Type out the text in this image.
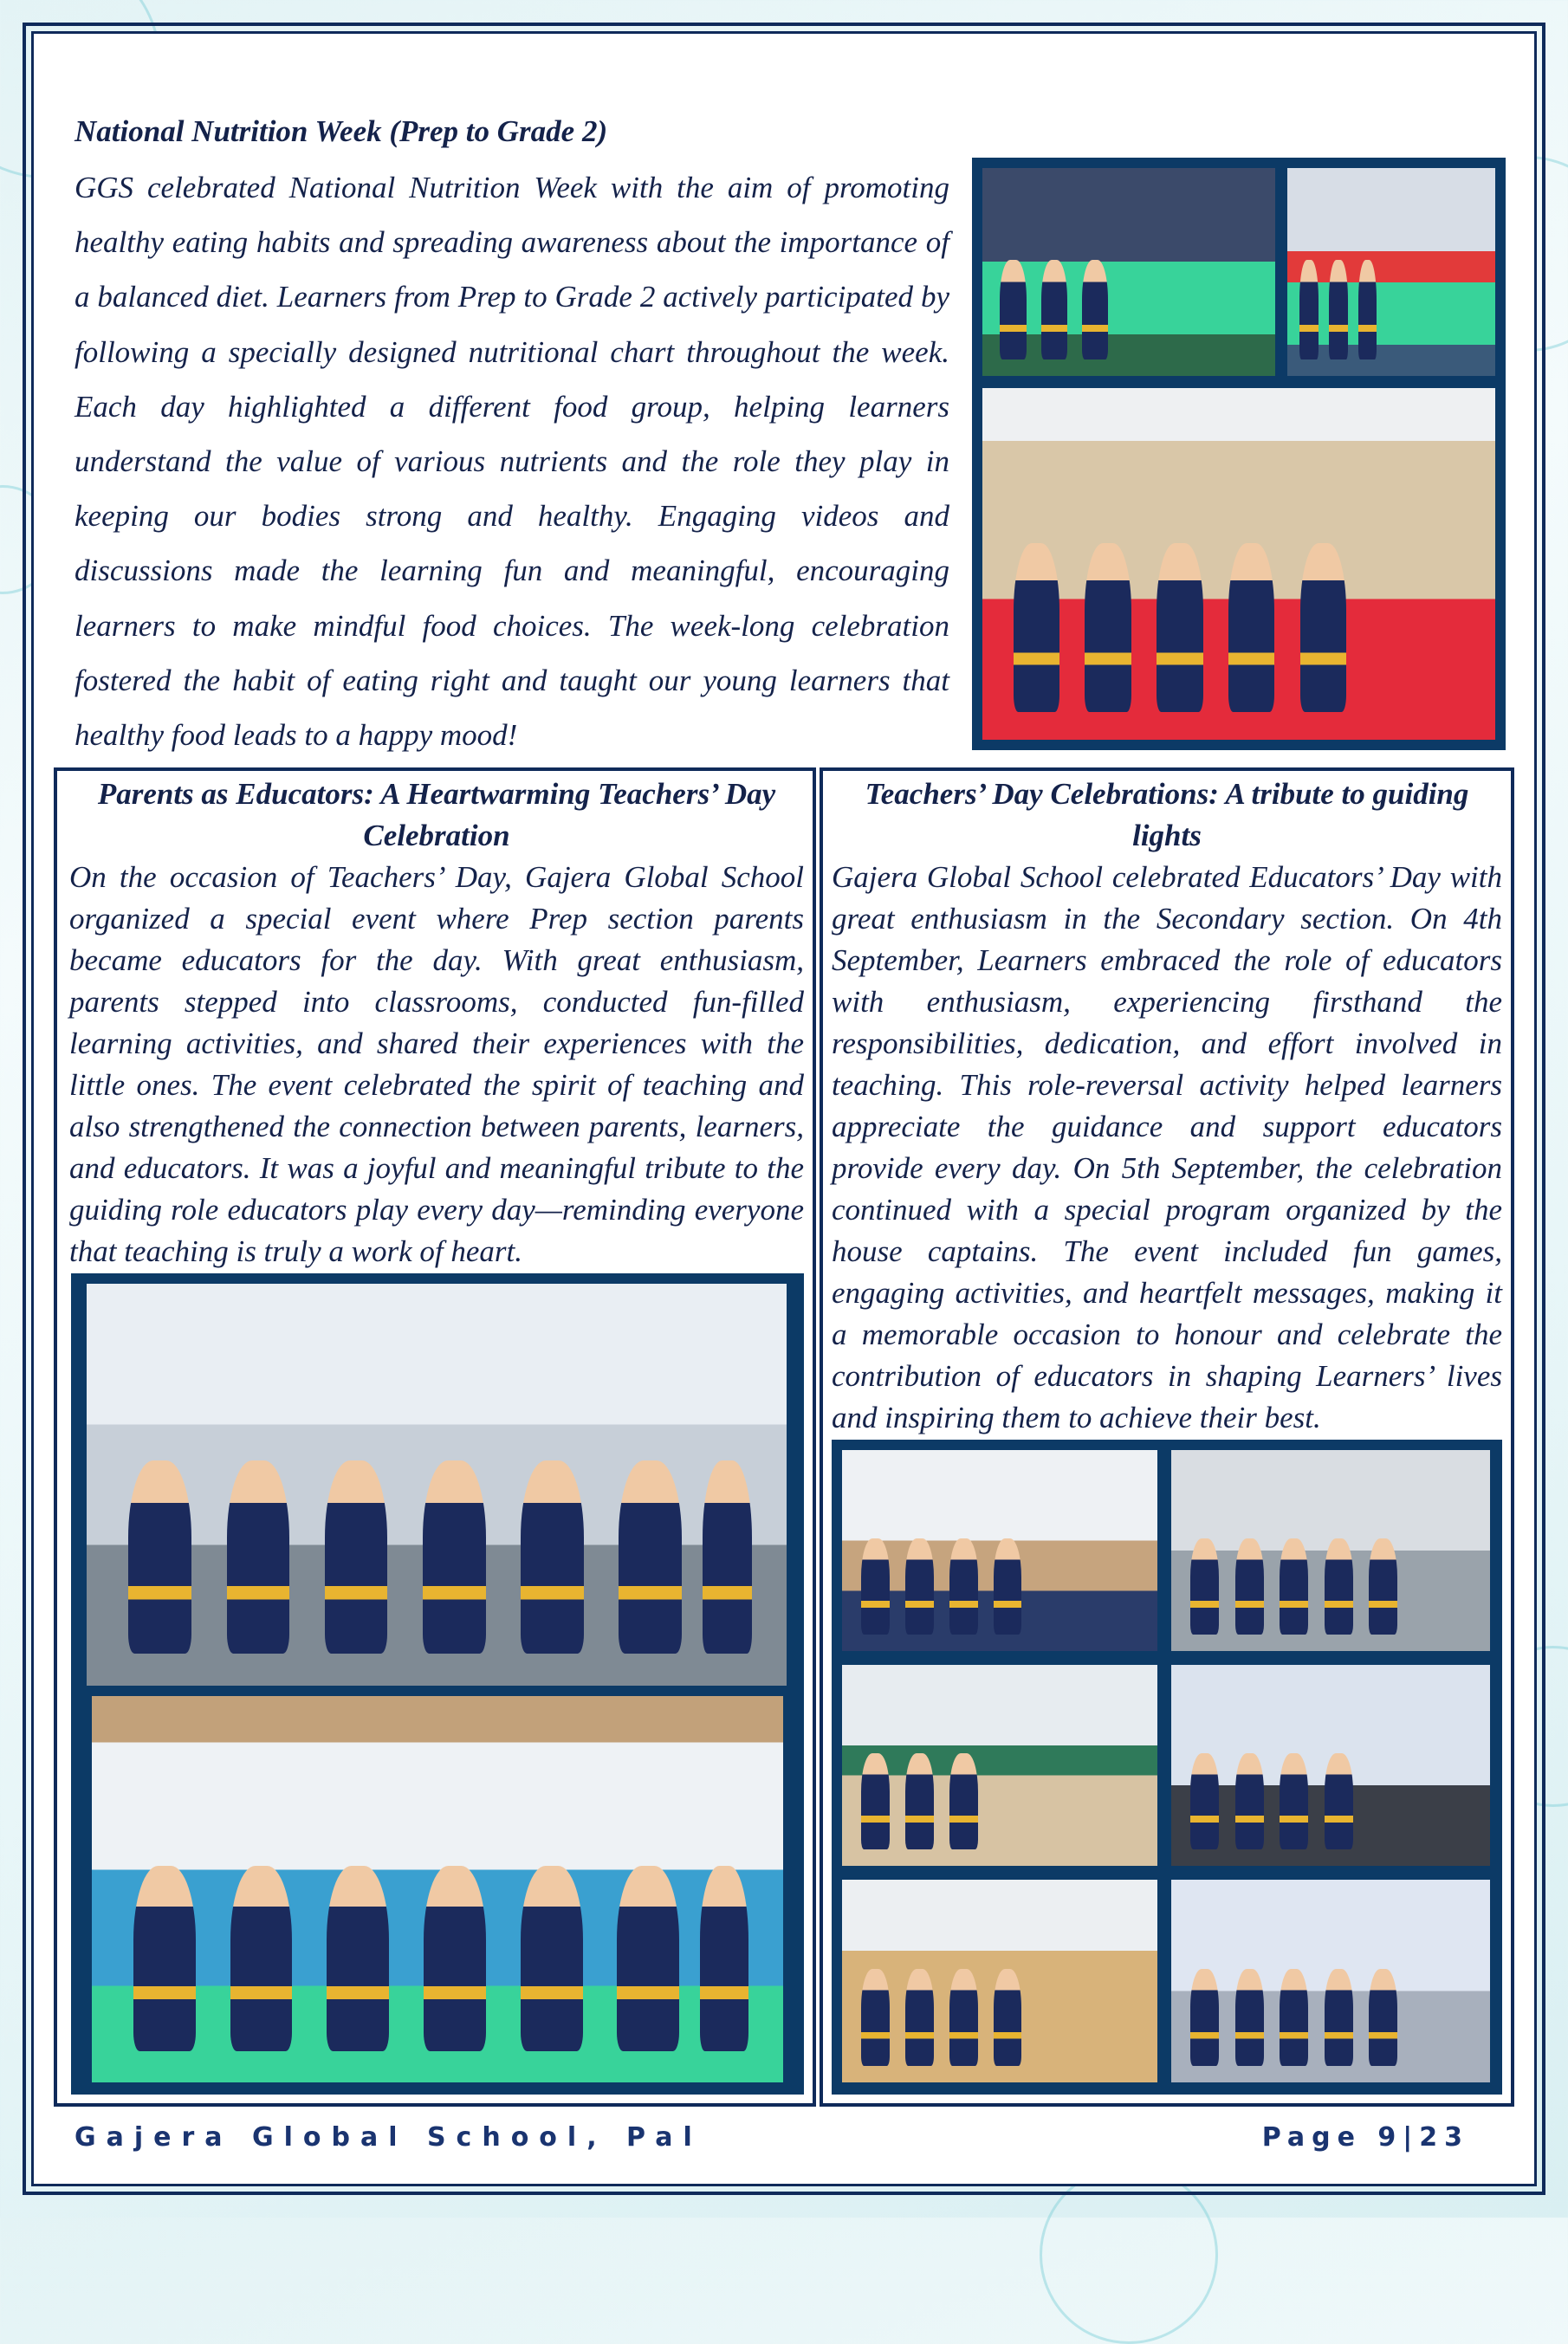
National Nutrition Week (Prep to Grade 2)

GGS celebrated National Nutrition Week with the aim of promoting healthy eating habits and spreading awareness about the importance of a balanced diet. Learners from Prep to Grade 2 actively participated by following a specially designed nutritional chart throughout the week. Each day highlighted a different food group, helping learners understand the value of various nutrients and the role they play in keeping our bodies strong and healthy. Engaging videos and discussions made the learning fun and meaningful, encouraging learners to make mindful food choices. The week-long celebration fostered the habit of eating right and taught our young learners that healthy food leads to a happy mood!

Parents as Educators: A Heartwarming Teachers’ Day Celebration

On the occasion of Teachers’ Day, Gajera Global School organized a special event where Prep section parents became educators for the day. With great enthusiasm, parents stepped into classrooms, conducted fun-filled learning activities, and shared their experiences with the little ones. The event celebrated the spirit of teaching and also strengthened the connection between parents, learners, and educators. It was a joyful and meaningful tribute to the guiding role educators play every day—reminding everyone that teaching is truly a work of heart.

Teachers’ Day Celebrations: A tribute to guiding lights

Gajera Global School celebrated Educators’ Day with great enthusiasm in the Secondary section. On 4th September, Learners embraced the role of educators with enthusiasm, experiencing firsthand the responsibilities, dedication, and effort involved in teaching. This role-reversal activity helped learners appreciate the guidance and support educators provide every day. On 5th September, the celebration continued with a special program organized by the house captains. The event included fun games, engaging activities, and heartfelt messages, making it a memorable occasion to honour and celebrate the contribution of educators in shaping Learners’ lives and inspiring them to achieve their best.

Gajera Global School, Pal	Page 9|23
